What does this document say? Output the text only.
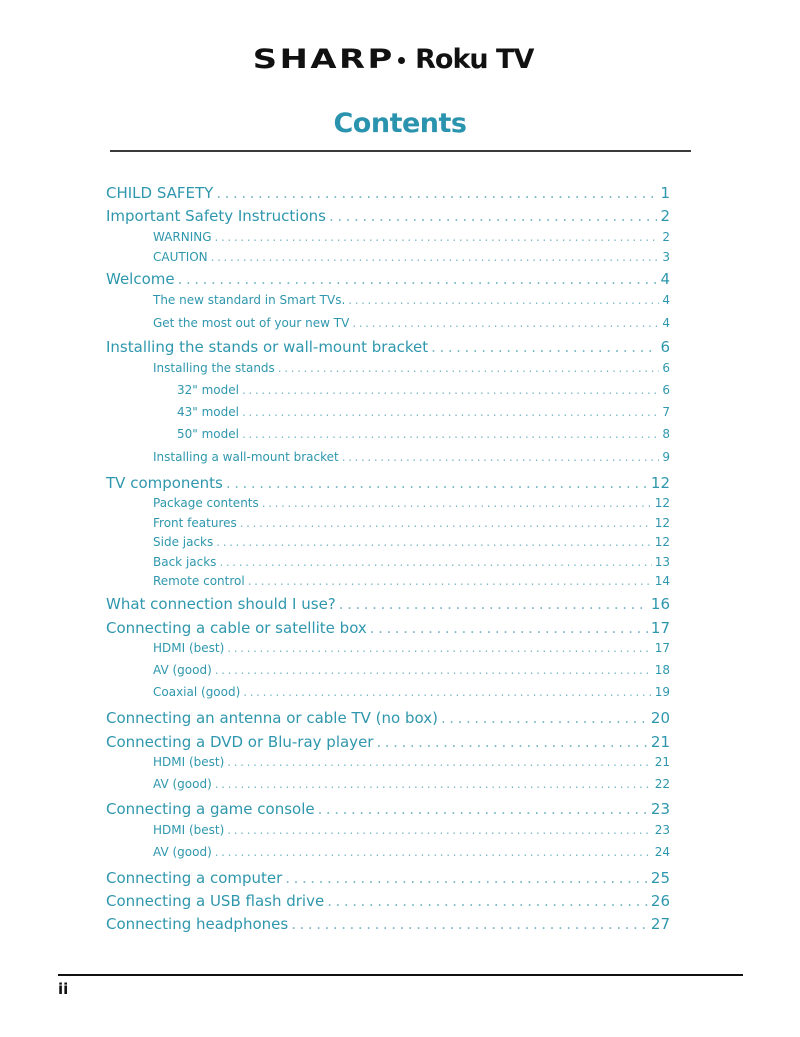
SHARP Roku TV
Contents
CHILD SAFETY . . .	1
Important Safety Instructions . . .	2
WARNING . . .	2
CAUTION . . .	3
Welcome . . .	4
The new standard in Smart TVs. . . .	4
Get the most out of your new TV . . .	4
Installing the stands or wall-mount bracket . . .	6
Installing the stands . . .	6
32" model . . .	6
43" model . . .	7
50" model . . .	8
Installing a wall-mount bracket . . .	9
TV components . . .	12
Package contents . . .	12
Front features . . .	12
Side jacks . . .	12
Back jacks . . .	13
Remote control . . .	14
What connection should I use? . . .	16
Connecting a cable or satellite box . . .	17
HDMI (best) . . .	17
AV (good) . . .	18
Coaxial (good) . . .	19
Connecting an antenna or cable TV (no box) . . .	20
Connecting a DVD or Blu-ray player . . .	21
HDMI (best) . . .	21
AV (good) . . .	22
Connecting a game console . . .	23
HDMI (best) . . .	23
AV (good) . . .	24
Connecting a computer . . .	25
Connecting a USB flash drive . . .	26
Connecting headphones . . .	27
ii
